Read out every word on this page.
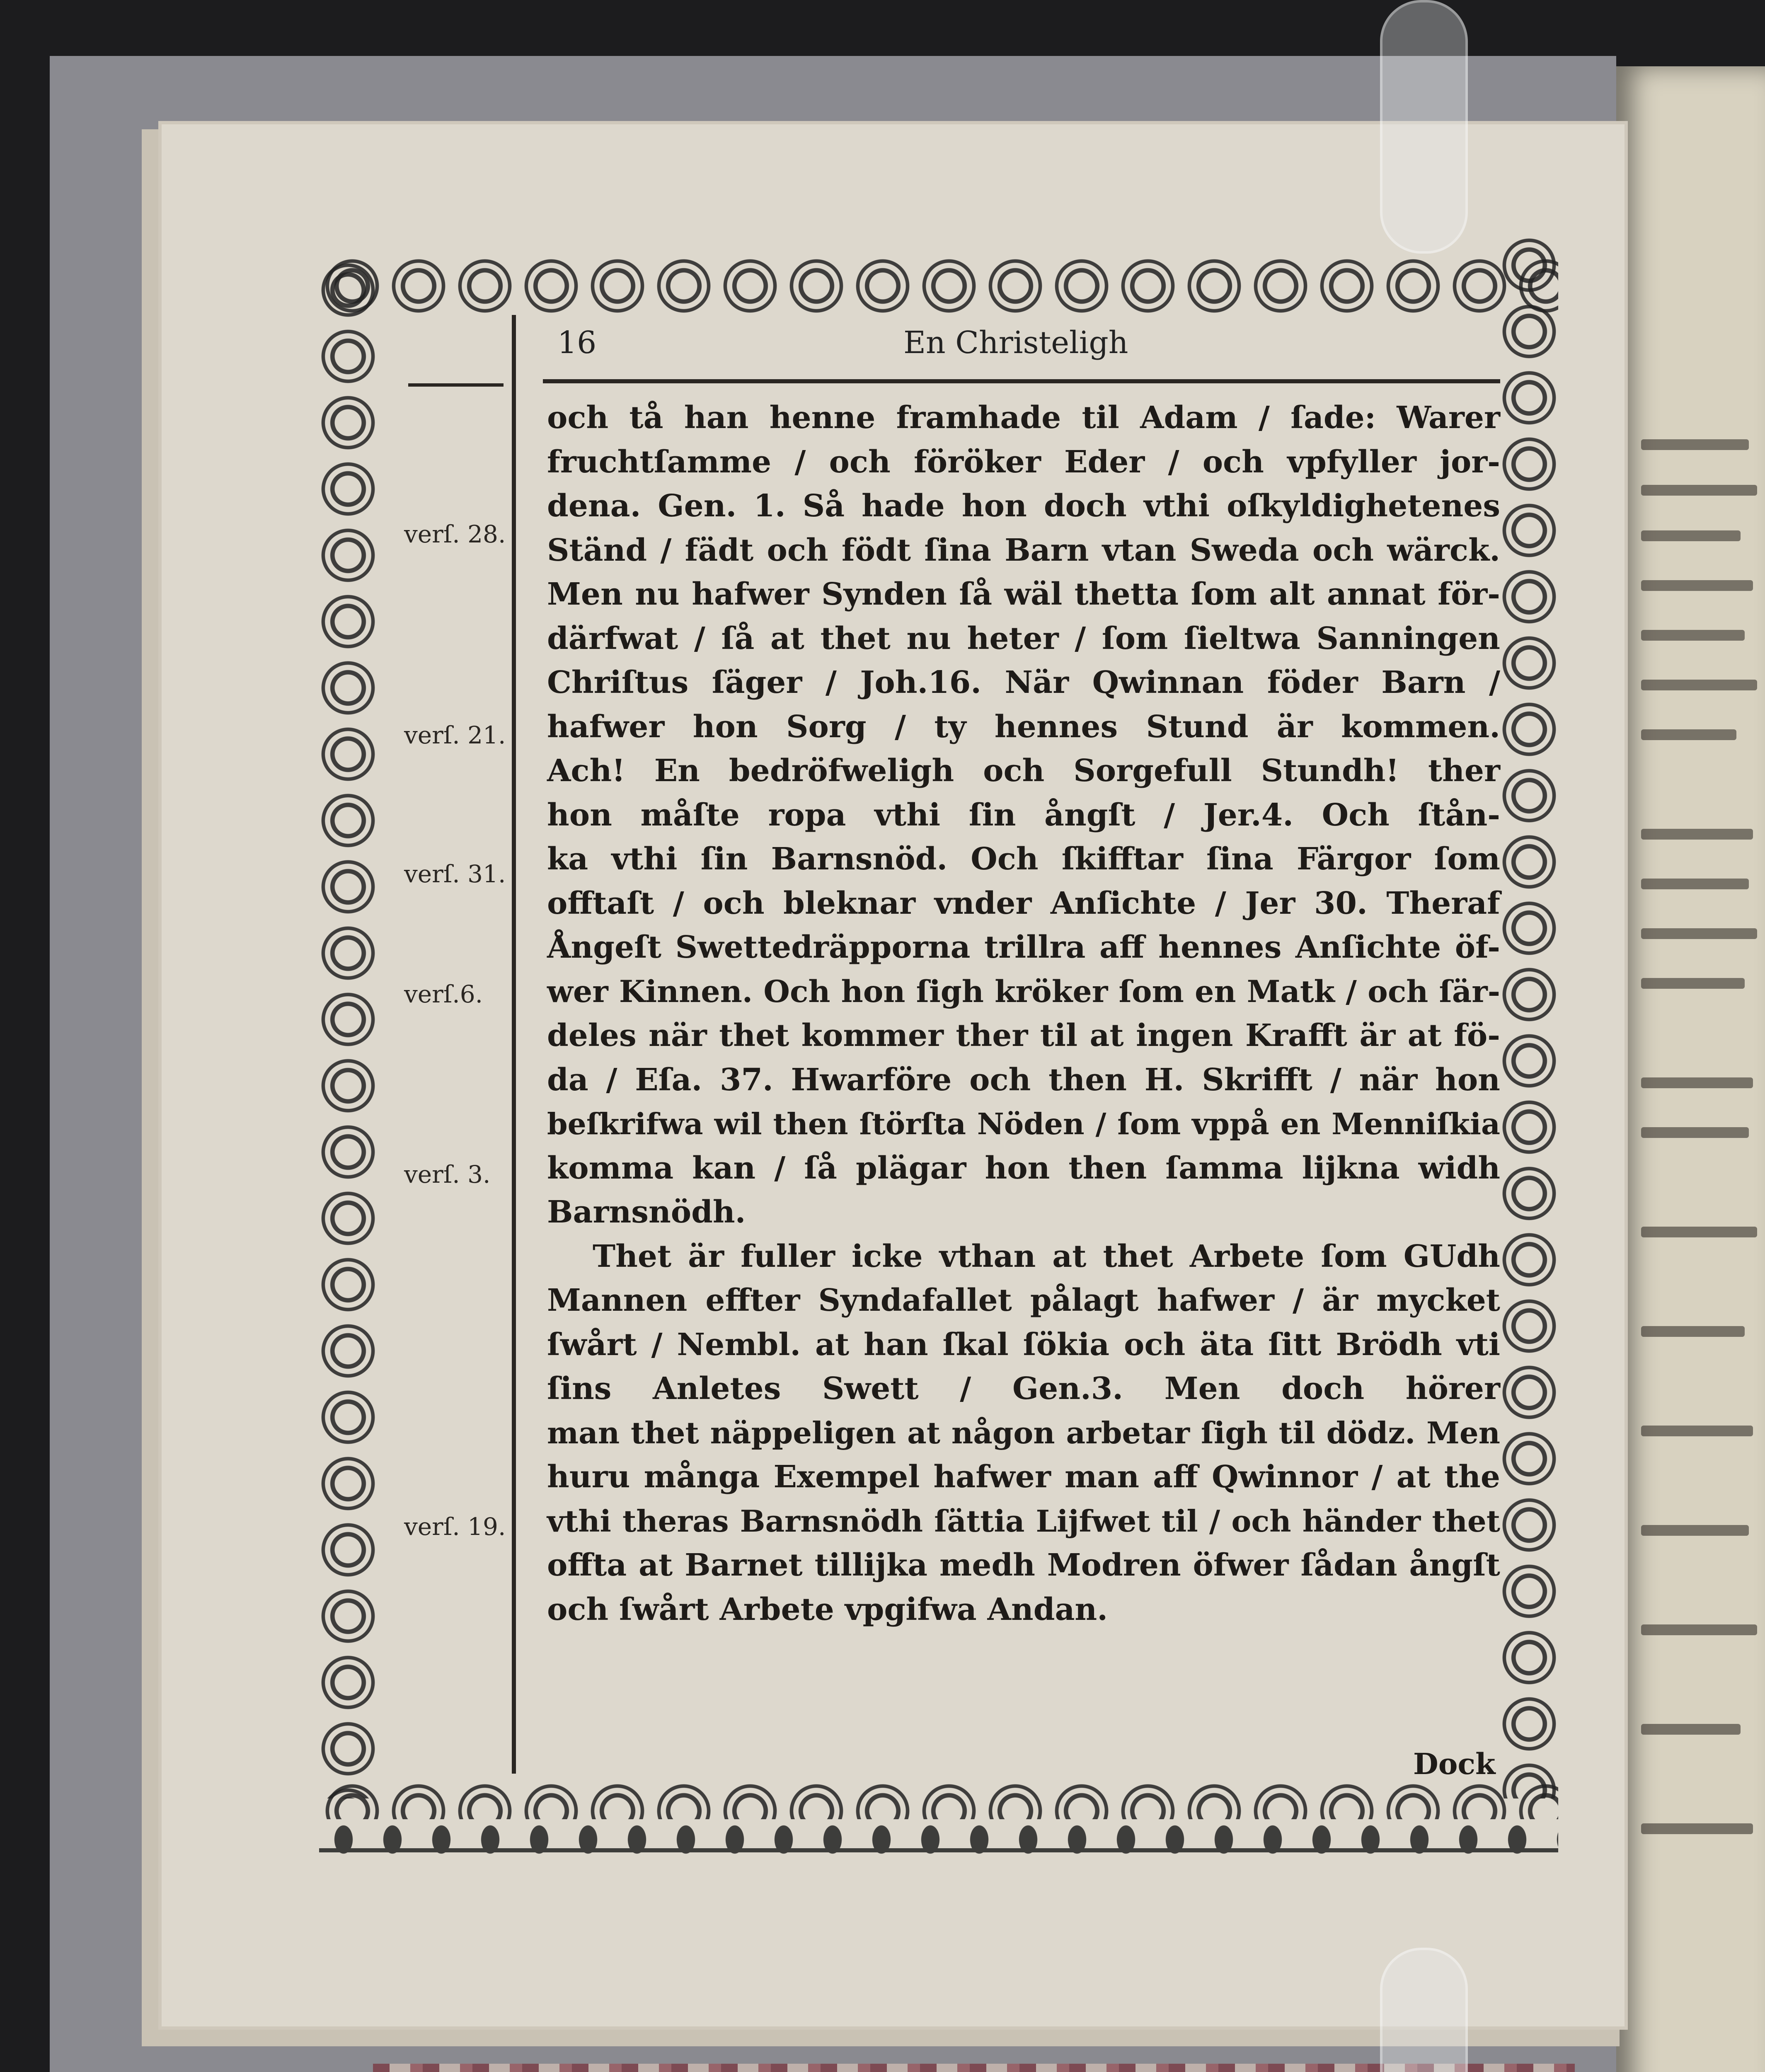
16	En Christeligh
verſ. 28.
verſ. 21.
verſ. 31.
verſ.6.
verſ. 3.
verſ. 19.
och tå han henne framhade til Adam / ſade: Warer
fruchtſamme / och föröker Eder / och vpfyller jor-
dena. Gen. 1. Så hade hon doch vthi oſkyldighetenes
Ständ / fädt och födt ſina Barn vtan Sweda och wärck.
Men nu hafwer Synden ſå wäl thetta ſom alt annat för-
därfwat / ſå at thet nu heter / ſom ſieltwa Sanningen
Chriſtus ſäger / Joh.16. När Qwinnan föder Barn /
hafwer hon Sorg / ty hennes Stund är kommen.
Ach! En bedröfweligh och Sorgefull Stundh! ther
hon måſte ropa vthi ſin ångſt / Jer.4. Och ſtån-
ka vthi ſin Barnsnöd. Och ſkifftar ſina Färgor ſom
offtaſt / och bleknar vnder Anſichte / Jer 30. Theraf
Ångeſt Swettedräpporna trillra aff hennes Anſichte öf-
wer Kinnen. Och hon ſigh kröker ſom en Matk / och ſär-
deles när thet kommer ther til at ingen Krafft är at fö-
da / Eſa. 37. Hwarföre och then H. Skrifft / när hon
beſkrifwa wil then ſtörſta Nöden / ſom vppå en Menniſkia
komma kan / ſå plägar hon then ſamma lijkna widh
Barnsnödh.
Thet är fuller icke vthan at thet Arbete ſom GUdh
Mannen effter Syndafallet pålagt hafwer / är mycket
ſwårt / Nembl. at han ſkal ſökia och äta ſitt Brödh vti
ſins Anletes Swett / Gen.3. Men doch hörer
man thet näppeligen at någon arbetar ſigh til dödz. Men
huru många Exempel hafwer man aff Qwinnor / at the
vthi theras Barnsnödh ſättia Lijfwet til / och händer thet
offta at Barnet tillijka medh Modren öfwer ſådan ångſt
och ſwårt Arbete vpgifwa Andan.
Dock
